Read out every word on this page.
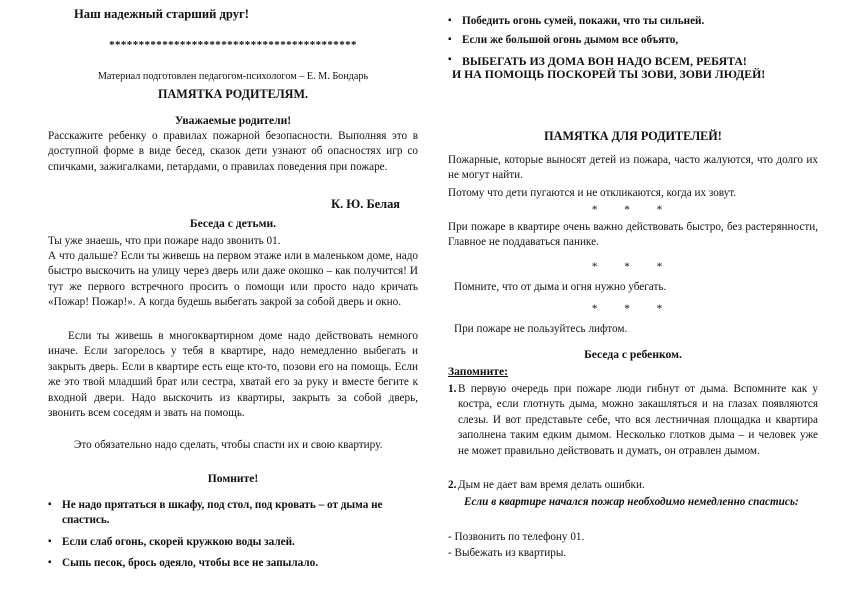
Наш надежный старший друг!
******************************************
Материал подготовлен педагогом-психологом – Е. М. Бондарь
ПАМЯТКА РОДИТЕЛЯМ.
Уважаемые родители!

Расскажите ребенку о правилах пожарной безопасности. Выполняя это в доступной форме в виде бесед, сказок дети узнают об опасностях игр со спичками, зажигалками, петардами, о правилах поведения при пожаре.

К. Ю. Белая
Беседа с детьми.

Ты уже знаешь, что при пожаре надо звонить 01.

А что дальше? Если ты живешь на первом этаже или в маленьком доме, надо быстро выскочить на улицу через дверь или даже окошко – как получится! И тут же первого встречного просить о помощи или просто надо кричать «Пожар! Пожар!». А когда будешь выбегать закрой за собой дверь и окно.

Если ты живешь в многоквартирном доме надо действовать немного иначе. Если загорелось у тебя в квартире, надо немедленно выбегать и закрыть дверь. Если в квартире есть еще кто-то, позови его на помощь. Если же это твой младший брат или сестра, хватай его за руку и вместе бегите к входной двери. Надо выскочить из квартиры, закрыть за собой дверь, звонить всем соседям и звать на помощь.

Это обязательно надо сделать, чтобы спасти их и свою квартиру.

Помните!
▪ Не надо прятаться в шкафу, под стол, под кровать – от дыма не спастись.
▪ Если слаб огонь, скорей кружкою воды залей.
▪ Сыпь песок, брось одеяло, чтобы все не запылало.
▪ Победить огонь сумей, покажи, что ты сильней.
▪ Если же большой огонь дымом все объято,
▪ ВЫБЕГАТЬ ИЗ ДОМА ВОН НАДО ВСЕМ, РЕБЯТА!
И НА ПОМОЩЬ ПОСКОРЕЙ ТЫ ЗОВИ, ЗОВИ ЛЮДЕЙ!
ПАМЯТКА ДЛЯ РОДИТЕЛЕЙ!

Пожарные, которые выносят детей из пожара, часто жалуются, что долго их не могут найти.

Потому что дети пугаются и не откликаются, когда их зовут.

* * *

При пожаре в квартире очень важно действовать быстро, без растерянности, Главное не поддаваться панике.

* * *

Помните, что от дыма и огня нужно убегать.

* * *

При пожаре не пользуйтесь лифтом.

Беседа с ребенком.
Запомните:
1. В первую очередь при пожаре люди гибнут от дыма. Вспомните как у костра, если глотнуть дыма, можно закашляться и на глазах появляются слезы. И вот представьте себе, что вся лестничная площадка и квартира заполнена таким едким дымом. Несколько глотков дыма – и человек уже не может правильно действовать и думать, он отравлен дымом.

2. Дым не дает вам время делать ошибки.

Если в квартире начался пожар необходимо немедленно спастись:

- Позвонить по телефону 01.

- Выбежать из квартиры.
